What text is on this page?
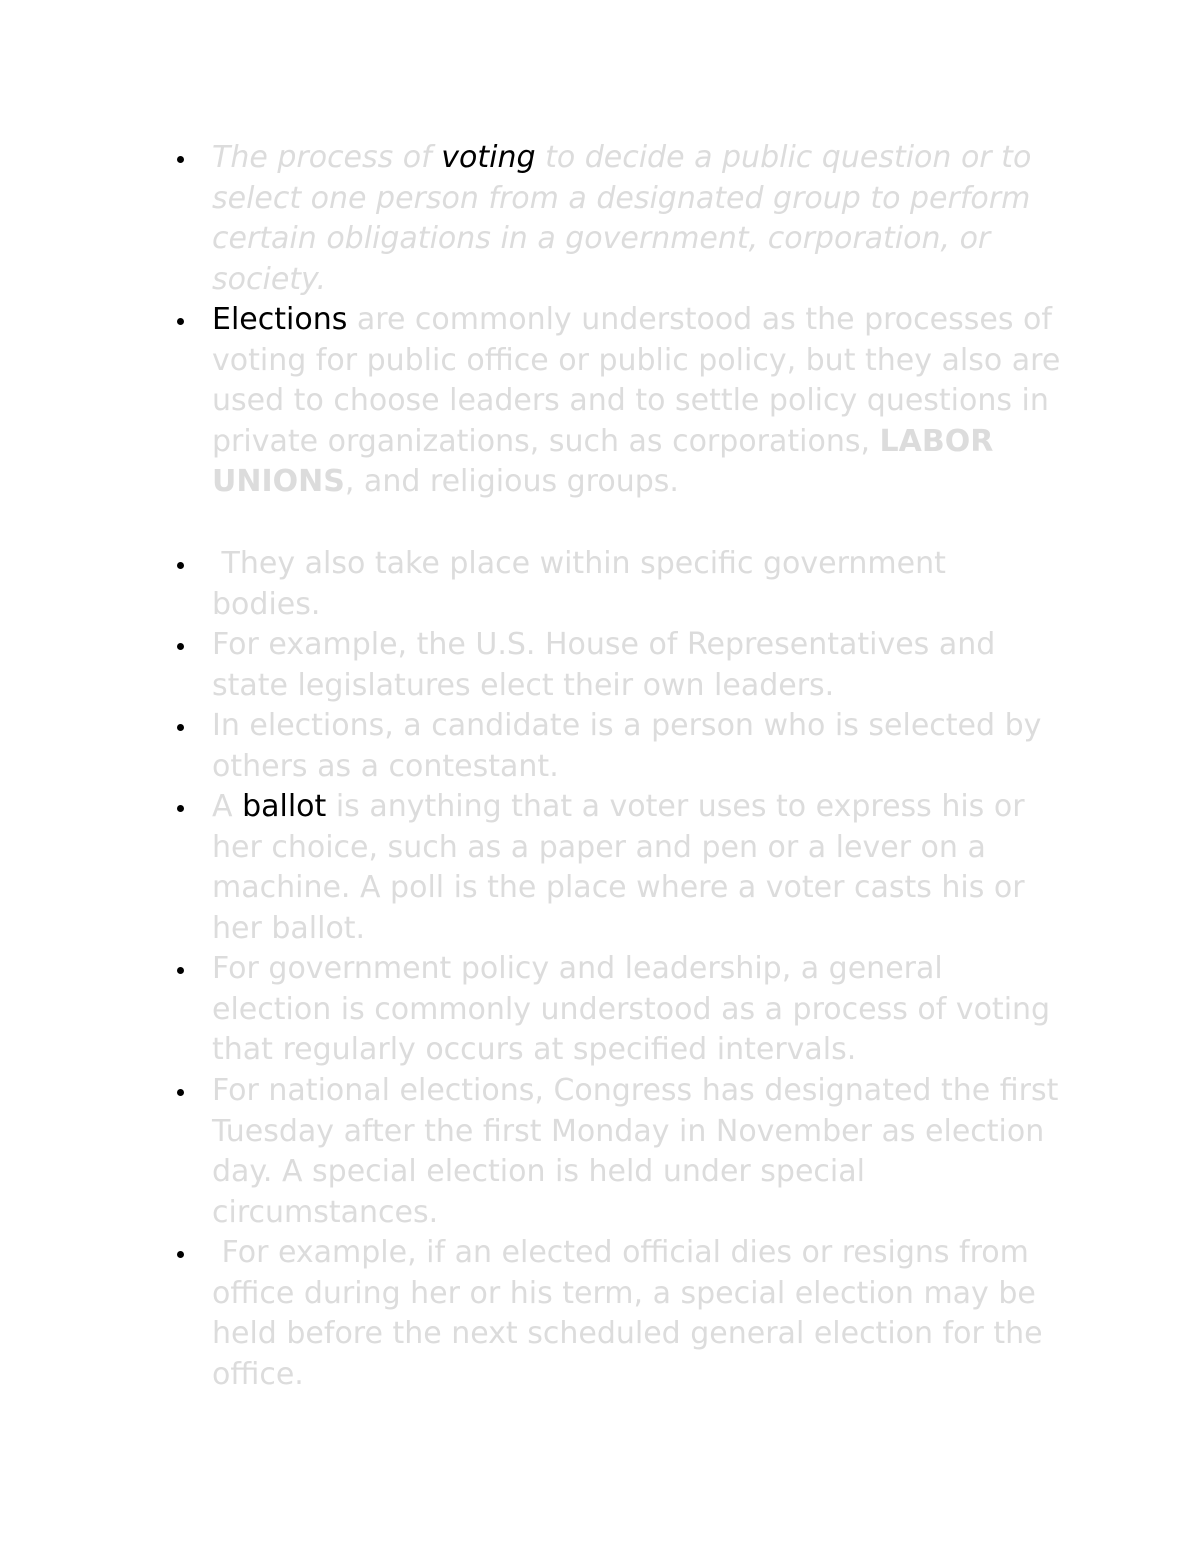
The process of voting to decide a public question or to select one person from a designated group to perform certain obligations in a government, corporation, or society.
Elections are commonly understood as the processes of voting for public office or public policy, but they also are used to choose leaders and to settle policy questions in private organizations, such as corporations, LABOR UNIONS, and religious groups.
They also take place within specific government bodies.
For example, the U.S. House of Representatives and state legislatures elect their own leaders.
In elections, a candidate is a person who is selected by others as a contestant.
A ballot is anything that a voter uses to express his or her choice, such as a paper and pen or a lever on a machine. A poll is the place where a voter casts his or her ballot.
For government policy and leadership, a general election is commonly understood as a process of voting that regularly occurs at specified intervals.
For national elections, Congress has designated the first Tuesday after the first Monday in November as election day. A special election is held under special circumstances.
For example, if an elected official dies or resigns from office during her or his term, a special election may be held before the next scheduled general election for the office.
